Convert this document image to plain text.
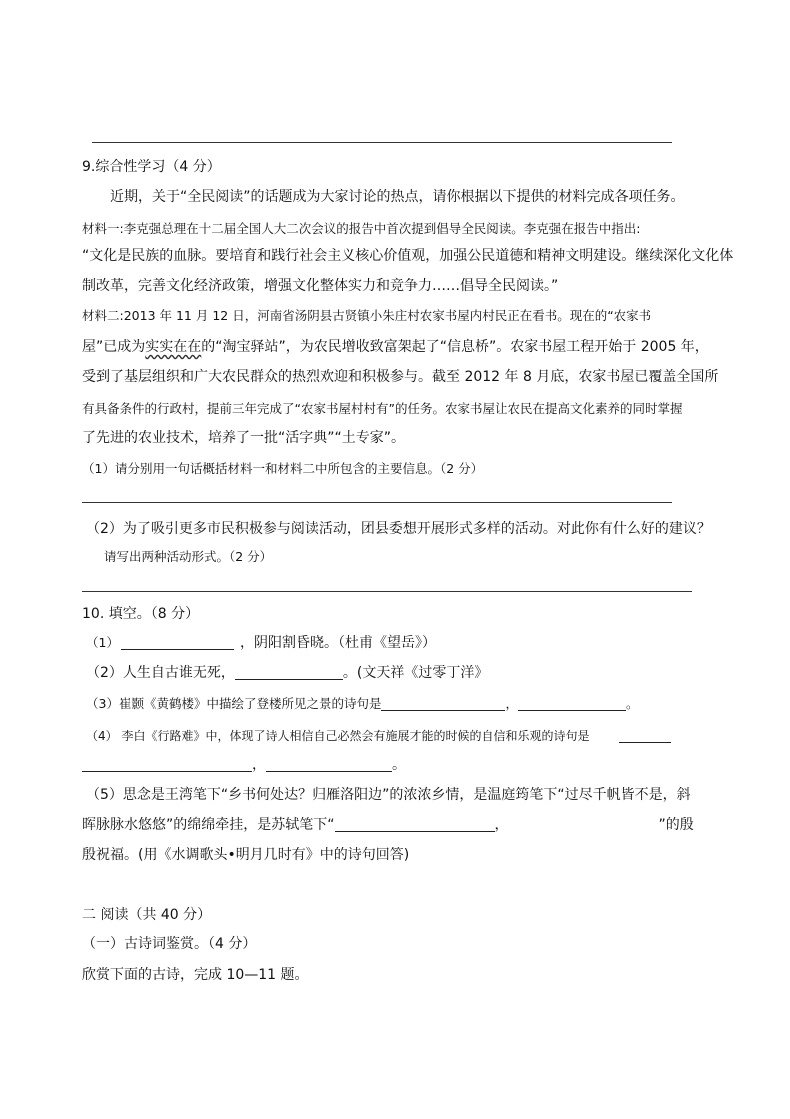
9.综合性学习（4 分）
近期，关于“全民阅读”的话题成为大家讨论的热点，请你根据以下提供的材料完成各项任务。
材料一:李克强总理在十二届全国人大二次会议的报告中首次提到倡导全民阅读。李克强在报告中指出:
“文化是民族的血脉。要培育和践行社会主义核心价值观，加强公民道德和精神文明建设。继续深化文化体
制改革，完善文化经济政策，增强文化整体实力和竞争力……倡导全民阅读。”
材料二:2013 年 11 月 12 日，河南省汤阴县古贤镇小朱庄村农家书屋内村民正在看书。现在的“农家书
屋”已成为实实在在的“淘宝驿站”，为农民增收致富架起了“信息桥”。农家书屋工程开始于 2005 年，
受到了基层组织和广大农民群众的热烈欢迎和积极参与。截至 2012 年 8 月底，农家书屋已覆盖全国所
有具备条件的行政村，提前三年完成了“农家书屋村村有”的任务。农家书屋让农民在提高文化素养的同时掌握
了先进的农业技术，培养了一批“活字典”“土专家”。
（1）请分别用一句话概括材料一和材料二中所包含的主要信息。（2 分）
（2）为了吸引更多市民积极参与阅读活动，团县委想开展形式多样的活动。对此你有什么好的建议？
请写出两种活动形式。（2 分）
10. 填空。（8 分）
（1）	，阴阳割昏晓。（杜甫《望岳》）
（2）人生自古谁无死，	。(文天祥《过零丁洋》
（3）崔颢《黄鹤楼》中描绘了登楼所见之景的诗句是	，	。
（4） 李白《行路难》中，体现了诗人相信自己必然会有施展才能的时候的自信和乐观的诗句是
，	。
（5）思念是王湾笔下“乡书何处达？归雁洛阳边”的浓浓乡情，是温庭筠笔下“过尽千帆皆不是，斜
晖脉脉水悠悠”的绵绵牵挂，是苏轼笔下“	，	”的殷
殷祝福。(用《水调歌头•明月几时有》中的诗句回答)
二 阅读（共 40 分）
（一）古诗词鉴赏。（4 分）
欣赏下面的古诗，完成 10—11 题。
